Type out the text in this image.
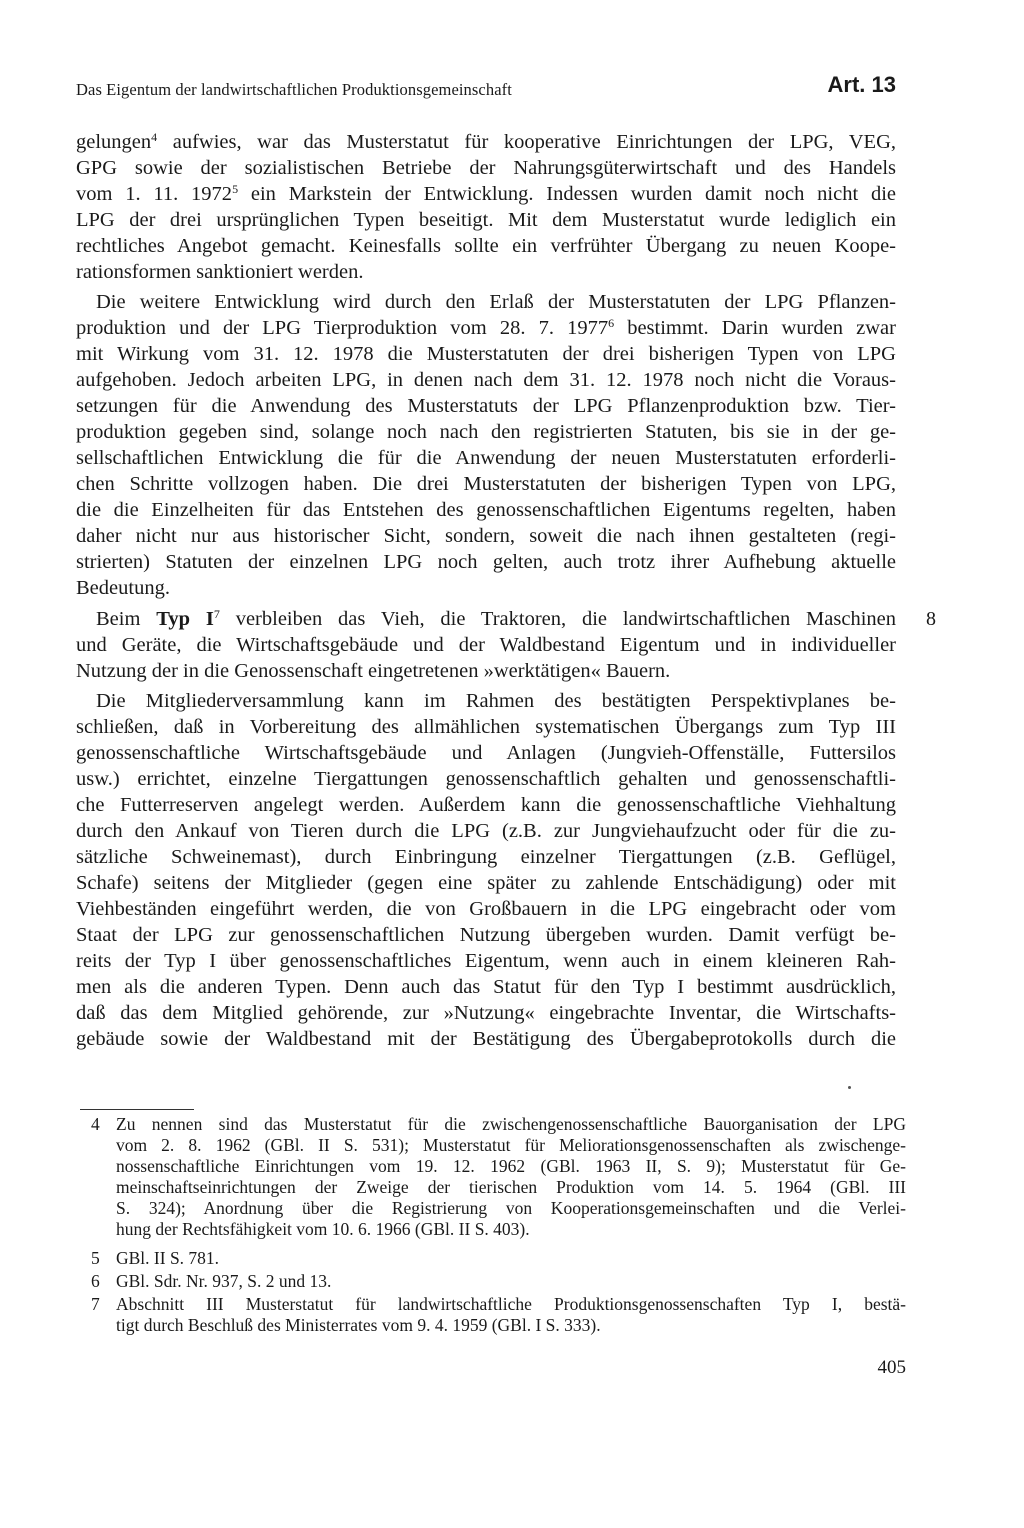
Das Eigentum der landwirtschaftlichen Produktionsgemeinschaft	Art. 13
gelungen$^4$ aufwies, war das Musterstatut für kooperative Einrichtungen der LPG, VEG,
GPG sowie der sozialistischen Betriebe der Nahrungsgüterwirtschaft und des Handels
vom 1. 11. 1972$^5$ ein Markstein der Entwicklung. Indessen wurden damit noch nicht die
LPG der drei ursprünglichen Typen beseitigt. Mit dem Musterstatut wurde lediglich ein
rechtliches Angebot gemacht. Keinesfalls sollte ein verfrühter Übergang zu neuen Koope-
rationsformen sanktioniert werden.
Die weitere Entwicklung wird durch den Erlaß der Musterstatuten der LPG Pflanzen-
produktion und der LPG Tierproduktion vom 28. 7. 1977$^6$ bestimmt. Darin wurden zwar
mit Wirkung vom 31. 12. 1978 die Musterstatuten der drei bisherigen Typen von LPG
aufgehoben. Jedoch arbeiten LPG, in denen nach dem 31. 12. 1978 noch nicht die Voraus-
setzungen für die Anwendung des Musterstatuts der LPG Pflanzenproduktion bzw. Tier-
produktion gegeben sind, solange noch nach den registrierten Statuten, bis sie in der ge-
sellschaftlichen Entwicklung die für die Anwendung der neuen Musterstatuten erforderli-
chen Schritte vollzogen haben. Die drei Musterstatuten der bisherigen Typen von LPG,
die die Einzelheiten für das Entstehen des genossenschaftlichen Eigentums regelten, haben
daher nicht nur aus historischer Sicht, sondern, soweit die nach ihnen gestalteten (regi-
strierten) Statuten der einzelnen LPG noch gelten, auch trotz ihrer Aufhebung aktuelle
Bedeutung.
Beim Typ $I^7$ verbleiben das Vieh, die Traktoren, die landwirtschaftlichen Maschinen
und Geräte, die Wirtschaftsgebäude und der Waldbestand Eigentum und in individueller
Nutzung der in die Genossenschaft eingetretenen »werktätigen« Bauern.
Die Mitgliederversammlung kann im Rahmen des bestätigten Perspektivplanes be-
schließen, daß in Vorbereitung des allmählichen systematischen Übergangs zum Typ III
genossenschaftliche Wirtschaftsgebäude und Anlagen (Jungvieh-Offenställe, Futtersilos
usw.) errichtet, einzelne Tiergattungen genossenschaftlich gehalten und genossenschaftli-
che Futterreserven angelegt werden. Außerdem kann die genossenschaftliche Viehhaltung
durch den Ankauf von Tieren durch die LPG (z.B. zur Jungviehaufzucht oder für die zu-
sätzliche Schweinemast), durch Einbringung einzelner Tiergattungen (z.B. Geflügel,
Schafe) seitens der Mitglieder (gegen eine später zu zahlende Entschädigung) oder mit
Viehbeständen eingeführt werden, die von Großbauern in die LPG eingebracht oder vom
Staat der LPG zur genossenschaftlichen Nutzung übergeben wurden. Damit verfügt be-
reits der Typ I über genossenschaftliches Eigentum, wenn auch in einem kleineren Rah-
men als die anderen Typen. Denn auch das Statut für den Typ I bestimmt ausdrücklich,
daß das dem Mitglied gehörende, zur »Nutzung« eingebrachte Inventar, die Wirtschafts-
gebäude sowie der Waldbestand mit der Bestätigung des Übergabeprotokolls durch die
8
4 Zu nennen sind das Musterstatut für die zwischengenossenschaftliche Bauorganisation der LPG
vom 2. 8. 1962 (GBl. II S. 531); Musterstatut für Meliorationsgenossenschaften als zwischenge-
nossenschaftliche Einrichtungen vom 19. 12. 1962 (GBl. 1963 II, S. 9); Musterstatut für Ge-
meinschaftseinrichtungen der Zweige der tierischen Produktion vom 14. 5. 1964 (GBl. III
S. 324); Anordnung über die Registrierung von Kooperationsgemeinschaften und die Verlei-
hung der Rechtsfähigkeit vom 10. 6. 1966 (GBl. II S. 403).
5 GBl. II S. 781.
6 GBl. Sdr. Nr. 937, S. 2 und 13.
7 Abschnitt III Musterstatut für landwirtschaftliche Produktionsgenossenschaften Typ I, bestä-
tigt durch Beschluß des Ministerrates vom 9. 4. 1959 (GBl. I S. 333).
405
